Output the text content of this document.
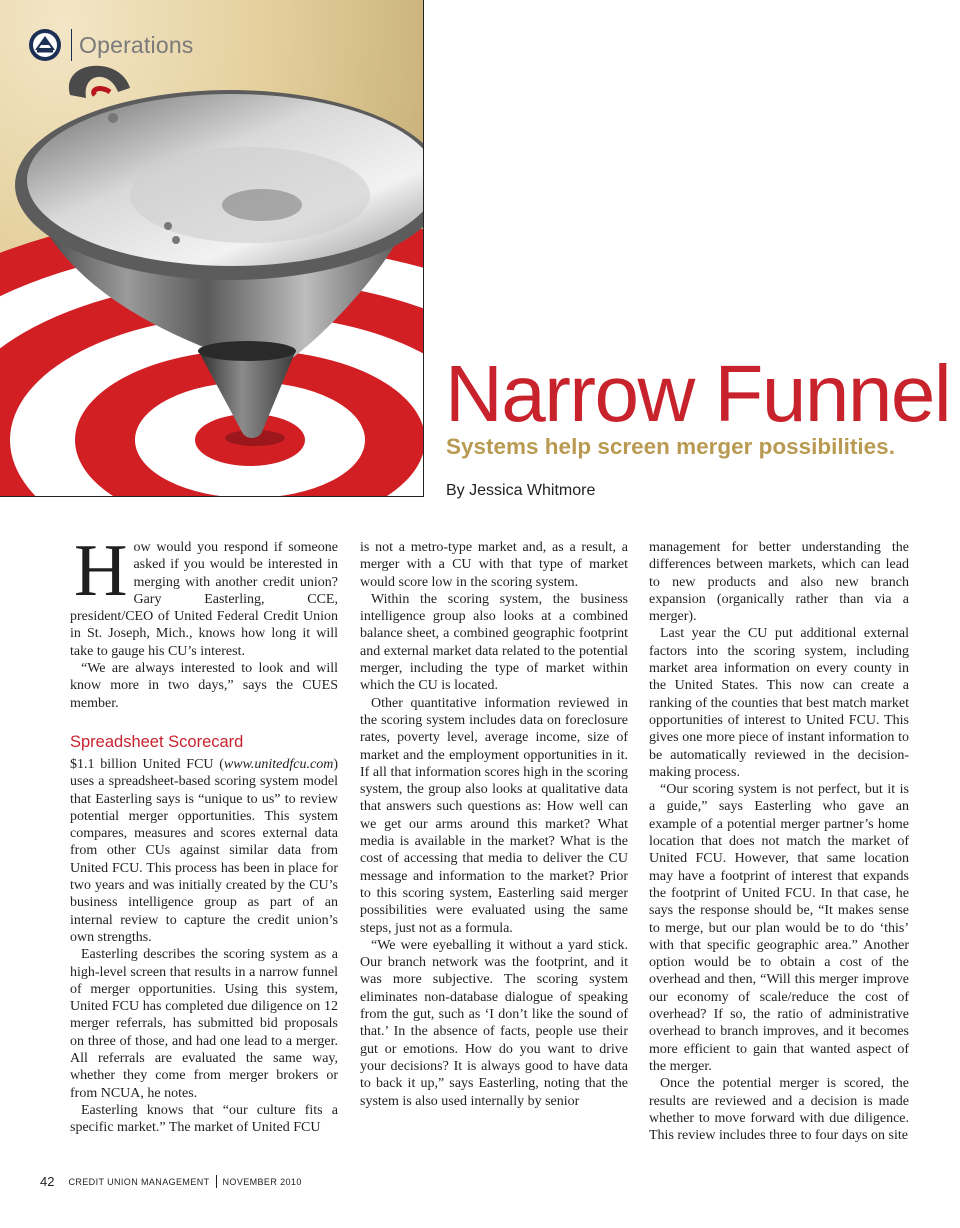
Operations
Narrow Funnel
Systems help screen merger possibilities.

By Jessica Whitmore

How would you respond if someone asked if you would be interested in merging with another credit union? Gary Easterling, CCE, president/CEO of United Federal Credit Union in St. Joseph, Mich., knows how long it will take to gauge his CU’s interest.

“We are always interested to look and will know more in two days,” says the CUES member.

Spreadsheet Scorecard

$1.1 billion United FCU (www.unitedfcu.com) uses a spreadsheet-based scoring system model that Easterling says is “unique to us” to review potential merger opportunities. This system compares, measures and scores external data from other CUs against similar data from United FCU. This process has been in place for two years and was initially created by the CU’s business intelligence group as part of an internal review to capture the credit union’s own strengths.

Easterling describes the scoring system as a high-level screen that results in a narrow funnel of merger opportunities. Using this system, United FCU has completed due diligence on 12 merger referrals, has submitted bid proposals on three of those, and had one lead to a merger. All referrals are evaluated the same way, whether they come from merger brokers or from NCUA, he notes.

Easterling knows that “our culture fits a specific market.” The market of United FCU

is not a metro-type market and, as a result, a merger with a CU with that type of market would score low in the scoring system.

Within the scoring system, the business intelligence group also looks at a combined balance sheet, a combined geographic footprint and external market data related to the potential merger, including the type of market within which the CU is located.

Other quantitative information reviewed in the scoring system includes data on foreclosure rates, poverty level, average income, size of market and the employment opportunities in it. If all that information scores high in the scoring system, the group also looks at qualitative data that answers such questions as: How well can we get our arms around this market? What media is available in the market? What is the cost of accessing that media to deliver the CU message and information to the market? Prior to this scoring system, Easterling said merger possibilities were evaluated using the same steps, just not as a formula.

“We were eyeballing it without a yard stick. Our branch network was the footprint, and it was more subjective. The scoring system eliminates non-database dialogue of speaking from the gut, such as ‘I don’t like the sound of that.’ In the absence of facts, people use their gut or emotions. How do you want to drive your decisions? It is always good to have data to back it up,” says Easterling, noting that the system is also used internally by senior

management for better understanding the differences between markets, which can lead to new products and also new branch expansion (organically rather than via a merger).

Last year the CU put additional external factors into the scoring system, including market area information on every county in the United States. This now can create a ranking of the counties that best match market opportunities of interest to United FCU. This gives one more piece of instant information to be automatically reviewed in the decision-making process.

“Our scoring system is not perfect, but it is a guide,” says Easterling who gave an example of a potential merger partner’s home location that does not match the market of United FCU. However, that same location may have a footprint of interest that expands the footprint of United FCU. In that case, he says the response should be, “It makes sense to merge, but our plan would be to do ‘this’ with that specific geographic area.” Another option would be to obtain a cost of the overhead and then, “Will this merger improve our economy of scale/reduce the cost of overhead? If so, the ratio of administrative overhead to branch improves, and it becomes more efficient to gain that wanted aspect of the merger.

Once the potential merger is scored, the results are reviewed and a decision is made whether to move forward with due diligence. This review includes three to four days on site

42 CREDIT UNION MANAGEMENT NOVEMBER 2010
